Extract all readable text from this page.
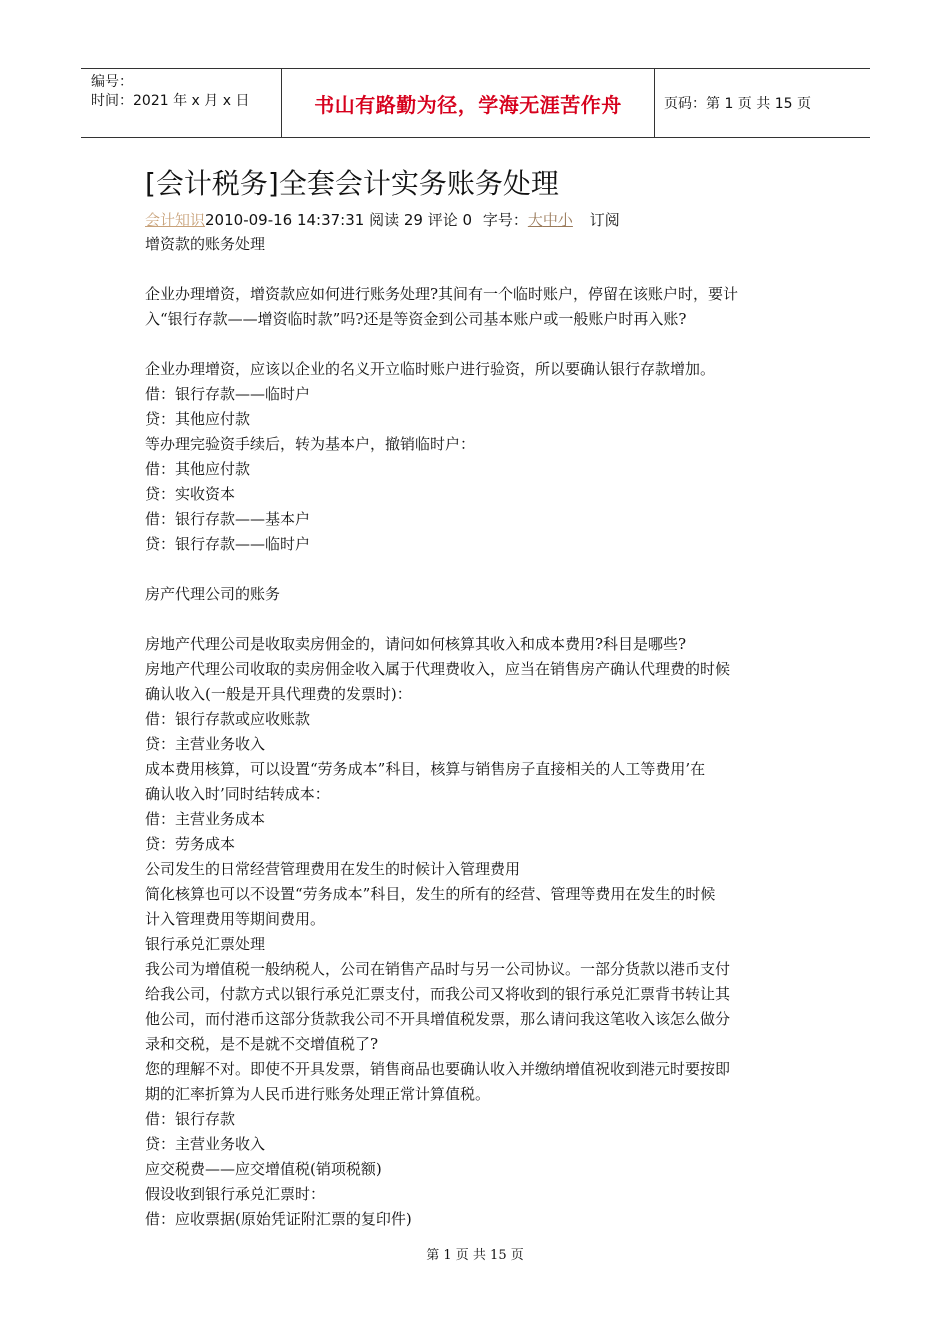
编号：
时间：2021 年 x 月 x 日	书山有路勤为径，学海无涯苦作舟	页码：第 1 页 共 15 页
[会计税务]全套会计实务账务处理
会计知识2010-09-16 14:37:31 阅读 29 评论 0 字号：大中小 订阅

增资款的账务处理

企业办理增资，增资款应如何进行账务处理?其间有一个临时账户，停留在该账户时，要计

入“银行存款——增资临时款”吗?还是等资金到公司基本账户或一般账户时再入账?

企业办理增资，应该以企业的名义开立临时账户进行验资，所以要确认银行存款增加。

借：银行存款——临时户

贷：其他应付款

等办理完验资手续后，转为基本户，撤销临时户：

借：其他应付款

贷：实收资本

借：银行存款——基本户

贷：银行存款——临时户

房产代理公司的账务

房地产代理公司是收取卖房佣金的，请问如何核算其收入和成本费用?科目是哪些?

房地产代理公司收取的卖房佣金收入属于代理费收入，应当在销售房产确认代理费的时候

确认收入(一般是开具代理费的发票时)：

借：银行存款或应收账款

贷：主营业务收入

成本费用核算，可以设置“劳务成本”科目，核算与销售房子直接相关的人工等费用’在

确认收入时’同时结转成本：

借：主营业务成本

贷：劳务成本

公司发生的日常经营管理费用在发生的时候计入管理费用

简化核算也可以不设置“劳务成本”科目，发生的所有的经营、管理等费用在发生的时候

计入管理费用等期间费用。

银行承兑汇票处理

我公司为增值税一般纳税人，公司在销售产品时与另一公司协议。一部分货款以港币支付

给我公司，付款方式以银行承兑汇票支付，而我公司又将收到的银行承兑汇票背书转让其

他公司，而付港币这部分货款我公司不开具增值税发票，那么请问我这笔收入该怎么做分

录和交税，是不是就不交增值税了?

您的理解不对。即使不开具发票，销售商品也要确认收入并缴纳增值祝收到港元时要按即

期的汇率折算为人民币进行账务处理正常计算值税。

借：银行存款

贷：主营业务收入

应交税费——应交增值税(销项税额)

假设收到银行承兑汇票时：

借：应收票据(原始凭证附汇票的复印件)

第 1 页 共 15 页
